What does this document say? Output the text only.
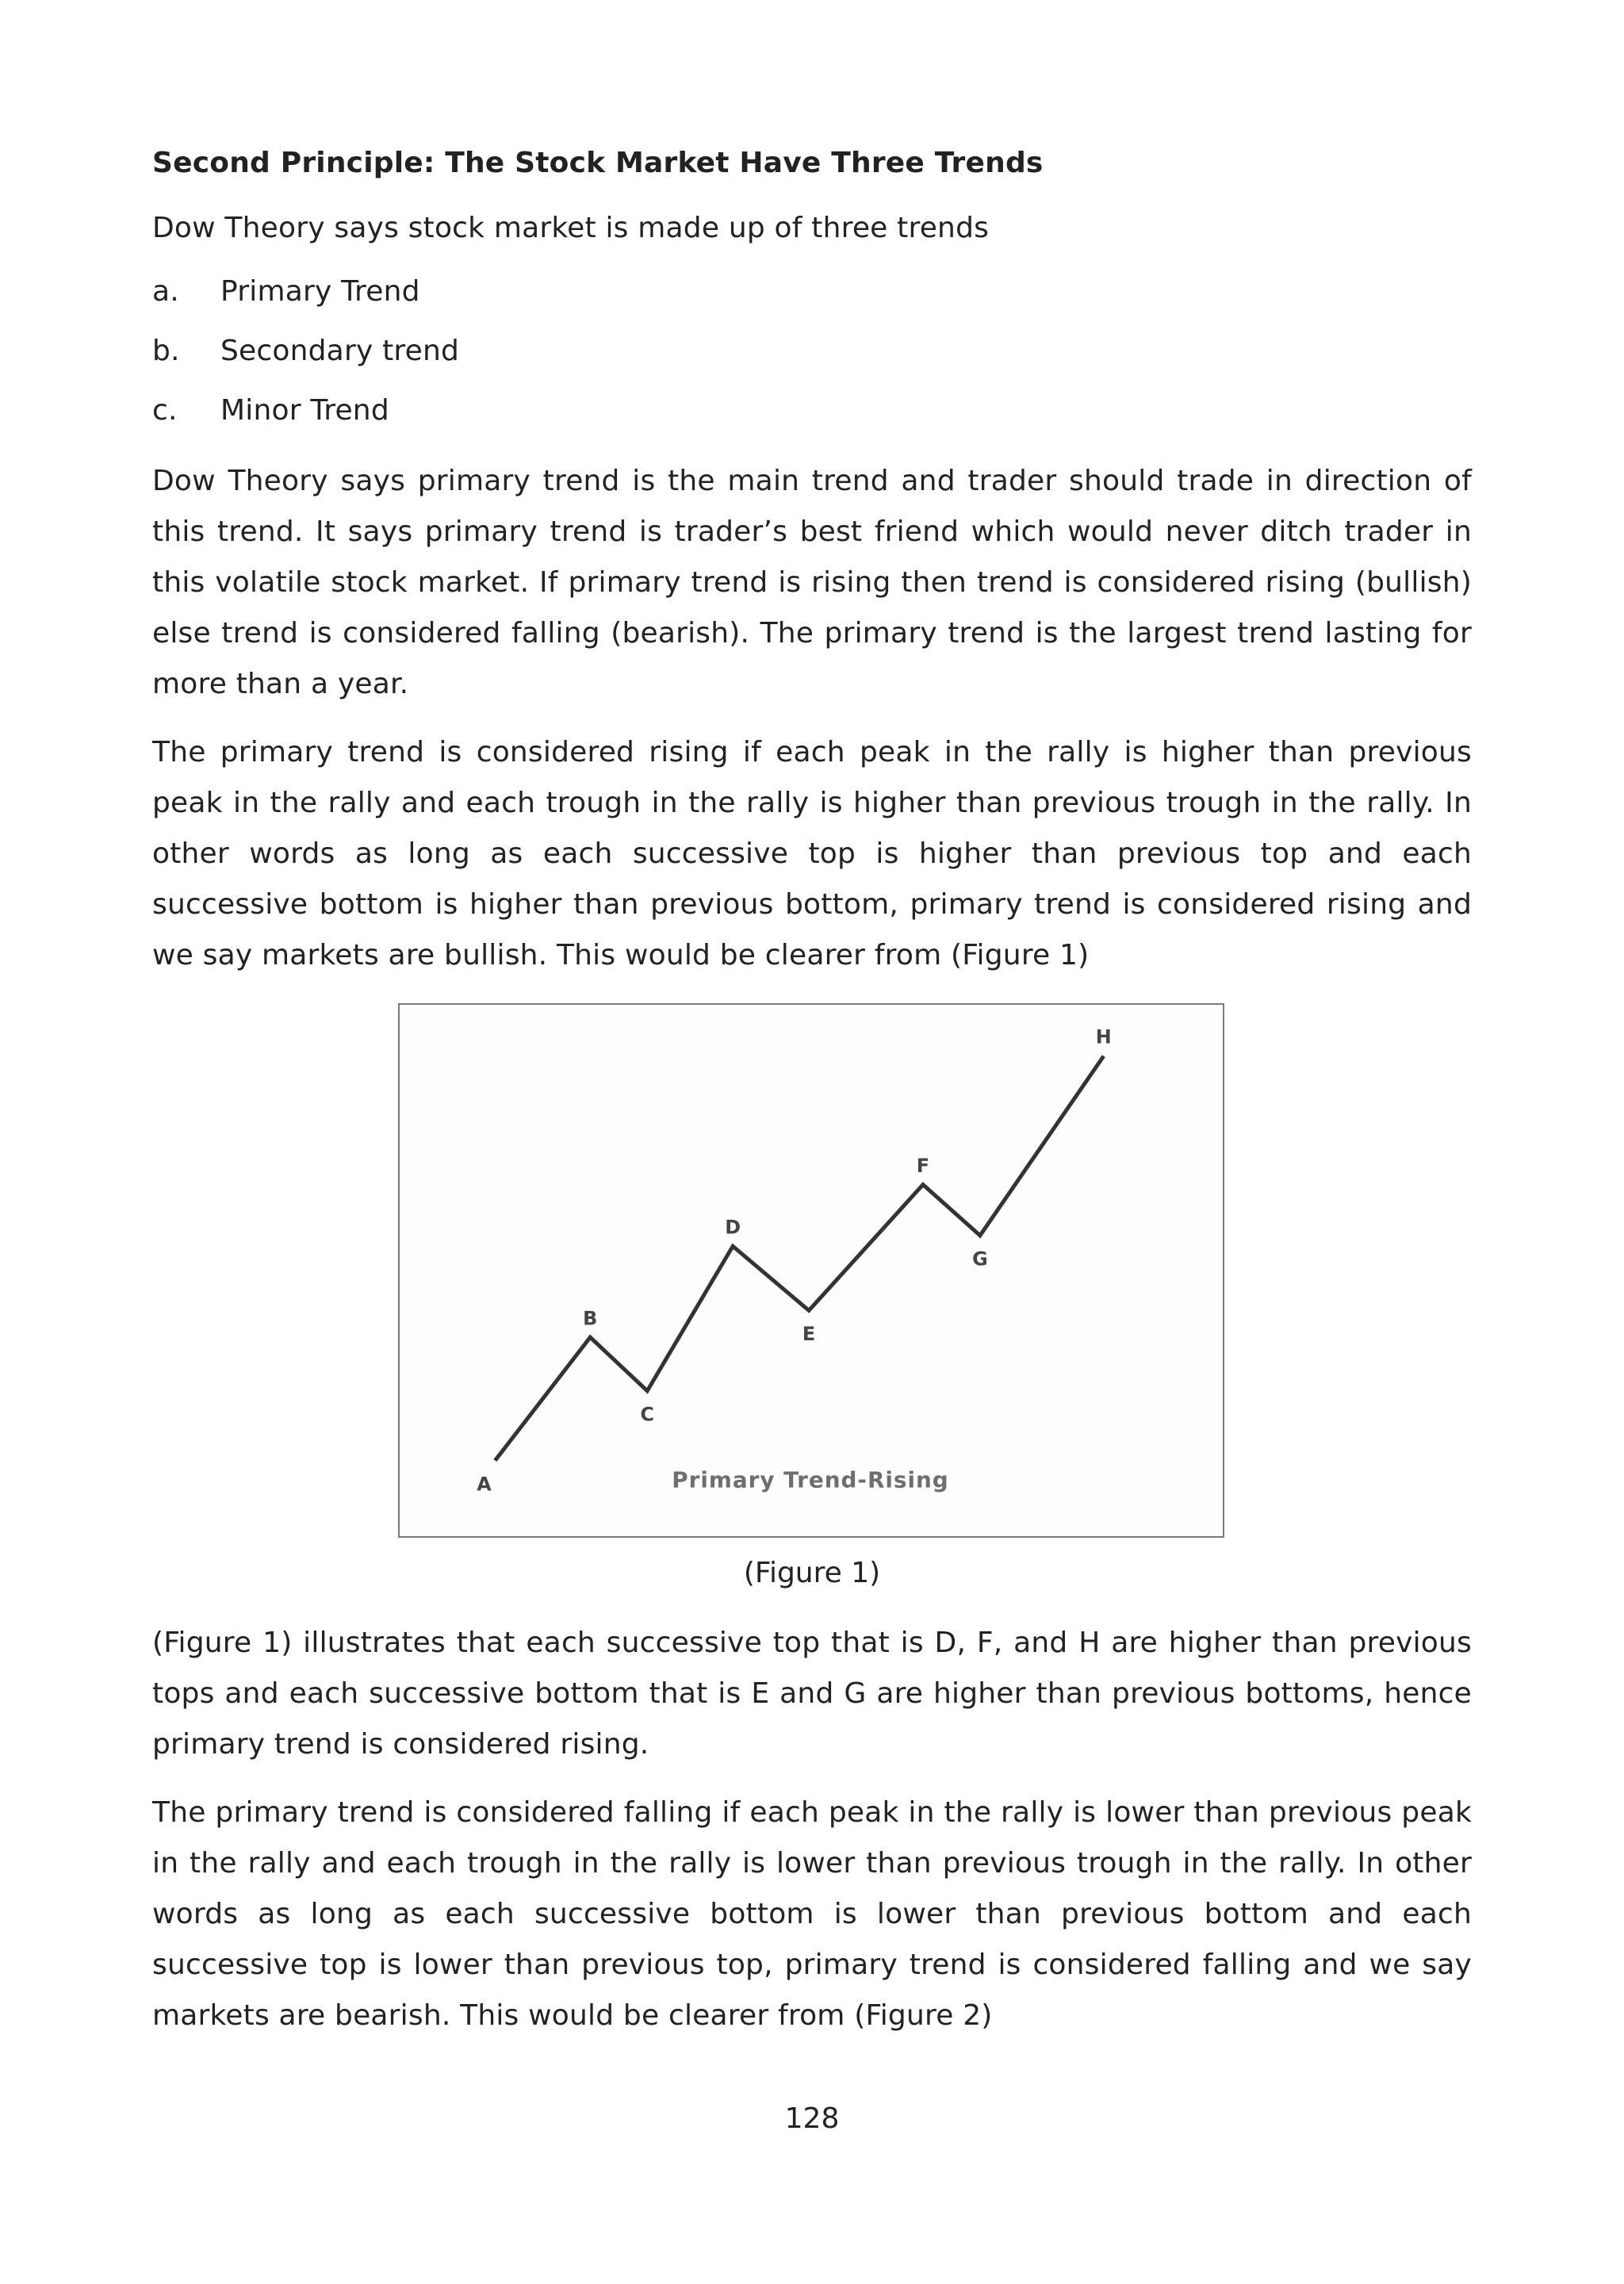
Second Principle: The Stock Market Have Three Trends

Dow Theory says stock market is made up of three trends

a.	Primary Trend
b.	Secondary trend
c.	Minor Trend

Dow Theory says primary trend is the main trend and trader should trade in direction of this trend. It says primary trend is trader’s best friend which would never ditch trader in this volatile stock market. If primary trend is rising then trend is considered rising (bullish) else trend is considered falling (bearish). The primary trend is the largest trend lasting for more than a year.

The primary trend is considered rising if each peak in the rally is higher than previous peak in the rally and each trough in the rally is higher than previous trough in the rally. In other words as long as each successive top is higher than previous top and each successive bottom is higher than previous bottom, primary trend is considered rising and we say markets are bullish. This would be clearer from (Figure 1)

A
B
C
D
E
F
G
H
Primary Trend-Rising
(Figure 1)

(Figure 1) illustrates that each successive top that is D, F, and H are higher than previous tops and each successive bottom that is E and G are higher than previous bottoms, hence primary trend is considered rising.

The primary trend is considered falling if each peak in the rally is lower than previous peak in the rally and each trough in the rally is lower than previous trough in the rally. In other words as long as each successive bottom is lower than previous bottom and each successive top is lower than previous top, primary trend is considered falling and we say markets are bearish. This would be clearer from (Figure 2)

128
